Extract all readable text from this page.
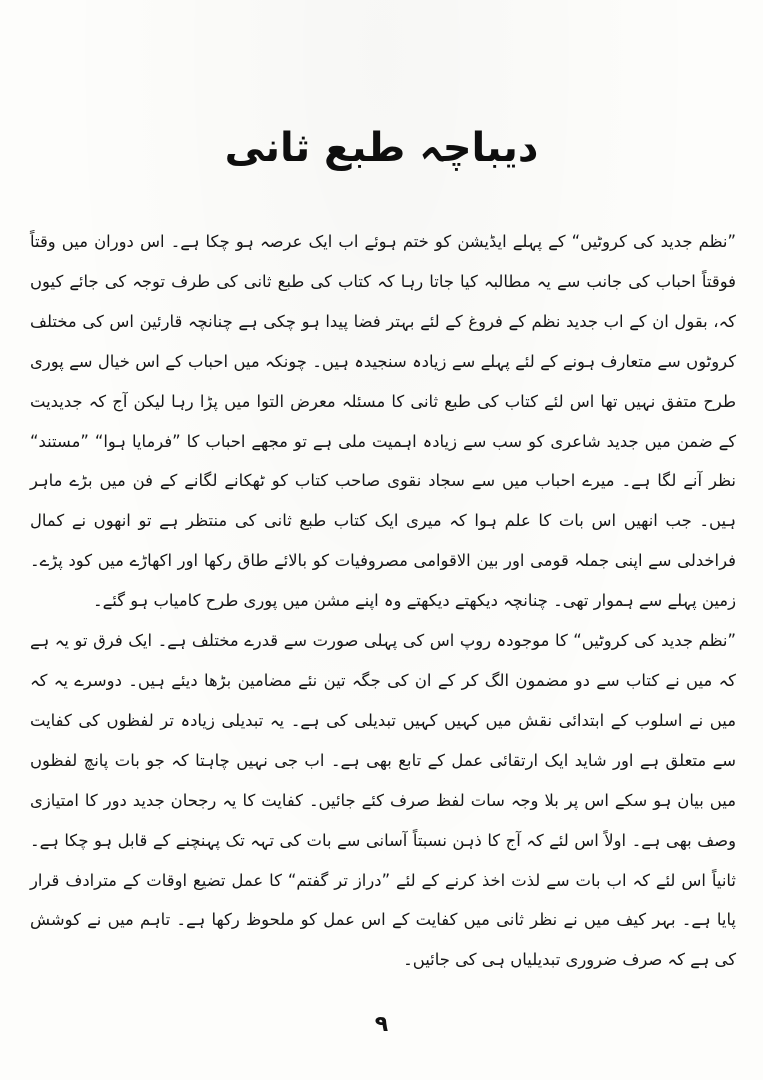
دیباچہ طبع ثانی

”نظم جدید کی کروٹیں“ کے پہلے ایڈیشن کو ختم ہوئے اب ایک عرصہ ہو چکا ہے۔ اس دوران میں وقتاً فوقتاً احباب کی جانب سے یہ مطالبہ کیا جاتا رہا کہ کتاب کی طبع ثانی کی طرف توجہ کی جائے کیوں کہ، بقول ان کے اب جدید نظم کے فروغ کے لئے بہتر فضا پیدا ہو چکی ہے چنانچہ قارئین اس کی مختلف کروٹوں سے متعارف ہونے کے لئے پہلے سے زیادہ سنجیدہ ہیں۔ چونکہ میں احباب کے اس خیال سے پوری طرح متفق نہیں تھا اس لئے کتاب کی طبع ثانی کا مسئلہ معرض التوا میں پڑا رہا لیکن آج کہ جدیدیت کے ضمن میں جدید شاعری کو سب سے زیادہ اہمیت ملی ہے تو مجھے احباب کا ”فرمایا ہوا“ ”مستند“ نظر آنے لگا ہے۔ میرے احباب میں سے سجاد نقوی صاحب کتاب کو ٹھکانے لگانے کے فن میں بڑے ماہر ہیں۔ جب انھیں اس بات کا علم ہوا کہ میری ایک کتاب طبع ثانی کی منتظر ہے تو انھوں نے کمال فراخدلی سے اپنی جملہ قومی اور بین الاقوامی مصروفیات کو بالائے طاق رکھا اور اکھاڑے میں کود پڑے۔ زمین پہلے سے ہموار تھی۔ چنانچہ دیکھتے دیکھتے وہ اپنے مشن میں پوری طرح کامیاب ہو گئے۔

”نظم جدید کی کروٹیں“ کا موجودہ روپ اس کی پہلی صورت سے قدرے مختلف ہے۔ ایک فرق تو یہ ہے کہ میں نے کتاب سے دو مضمون الگ کر کے ان کی جگہ تین نئے مضامین بڑھا دیئے ہیں۔ دوسرے یہ کہ میں نے اسلوب کے ابتدائی نقش میں کہیں کہیں تبدیلی کی ہے۔ یہ تبدیلی زیادہ تر لفظوں کی کفایت سے متعلق ہے اور شاید ایک ارتقائی عمل کے تابع بھی ہے۔ اب جی نہیں چاہتا کہ جو بات پانچ لفظوں میں بیان ہو سکے اس پر بلا وجہ سات لفظ صرف کئے جائیں۔ کفایت کا یہ رجحان جدید دور کا امتیازی وصف بھی ہے۔ اولاً اس لئے کہ آج کا ذہن نسبتاً آسانی سے بات کی تہہ تک پہنچنے کے قابل ہو چکا ہے۔ ثانیاً اس لئے کہ اب بات سے لذت اخذ کرنے کے لئے ”دراز تر گفتم“ کا عمل تضیع اوقات کے مترادف قرار پایا ہے۔ بہر کیف میں نے نظر ثانی میں کفایت کے اس عمل کو ملحوظ رکھا ہے۔ تاہم میں نے کوشش کی ہے کہ صرف ضروری تبدیلیاں ہی کی جائیں۔

۹
